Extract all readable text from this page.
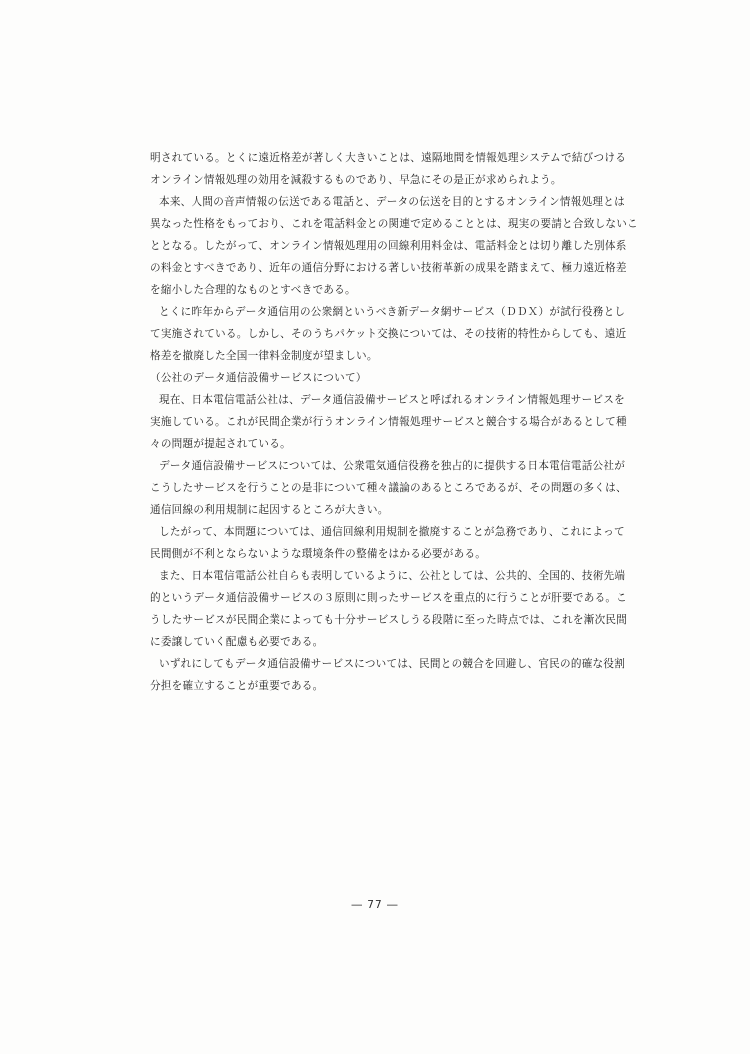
明されている。とくに遠近格差が著しく大きいことは、遠隔地間を情報処理システムで結びつける
オンライン情報処理の効用を減殺するものであり、早急にその是正が求められよう。
本来、人間の音声情報の伝送である電話と、データの伝送を目的とするオンライン情報処理とは
異なった性格をもっており、これを電話料金との関連で定めることとは、現実の要請と合致しないこ
ととなる。したがって、オンライン情報処理用の回線利用料金は、電話料金とは切り離した別体系
の料金とすべきであり、近年の通信分野における著しい技術革新の成果を踏まえて、極力遠近格差
を縮小した合理的なものとすべきである。
とくに昨年からデータ通信用の公衆網というべき新データ網サービス（ＤＤＸ）が試行役務とし
て実施されている。しかし、そのうちパケット交換については、その技術的特性からしても、遠近
格差を撤廃した全国一律料金制度が望ましい。
（公社のデータ通信設備サービスについて）
現在、日本電信電話公社は、データ通信設備サービスと呼ばれるオンライン情報処理サービスを
実施している。これが民間企業が行うオンライン情報処理サービスと競合する場合があるとして種
々の問題が提起されている。
データ通信設備サービスについては、公衆電気通信役務を独占的に提供する日本電信電話公社が
こうしたサービスを行うことの是非について種々議論のあるところであるが、その問題の多くは、
通信回線の利用規制に起因するところが大きい。
したがって、本問題については、通信回線利用規制を撤廃することが急務であり、これによって
民間側が不利とならないような環境条件の整備をはかる必要がある。
また、日本電信電話公社自らも表明しているように、公社としては、公共的、全国的、技術先端
的というデータ通信設備サービスの３原則に則ったサービスを重点的に行うことが肝要である。こ
うしたサービスが民間企業によっても十分サービスしうる段階に至った時点では、これを漸次民間
に委譲していく配慮も必要である。
いずれにしてもデータ通信設備サービスについては、民間との競合を回避し、官民の的確な役割
分担を確立することが重要である。
― 77 ―
